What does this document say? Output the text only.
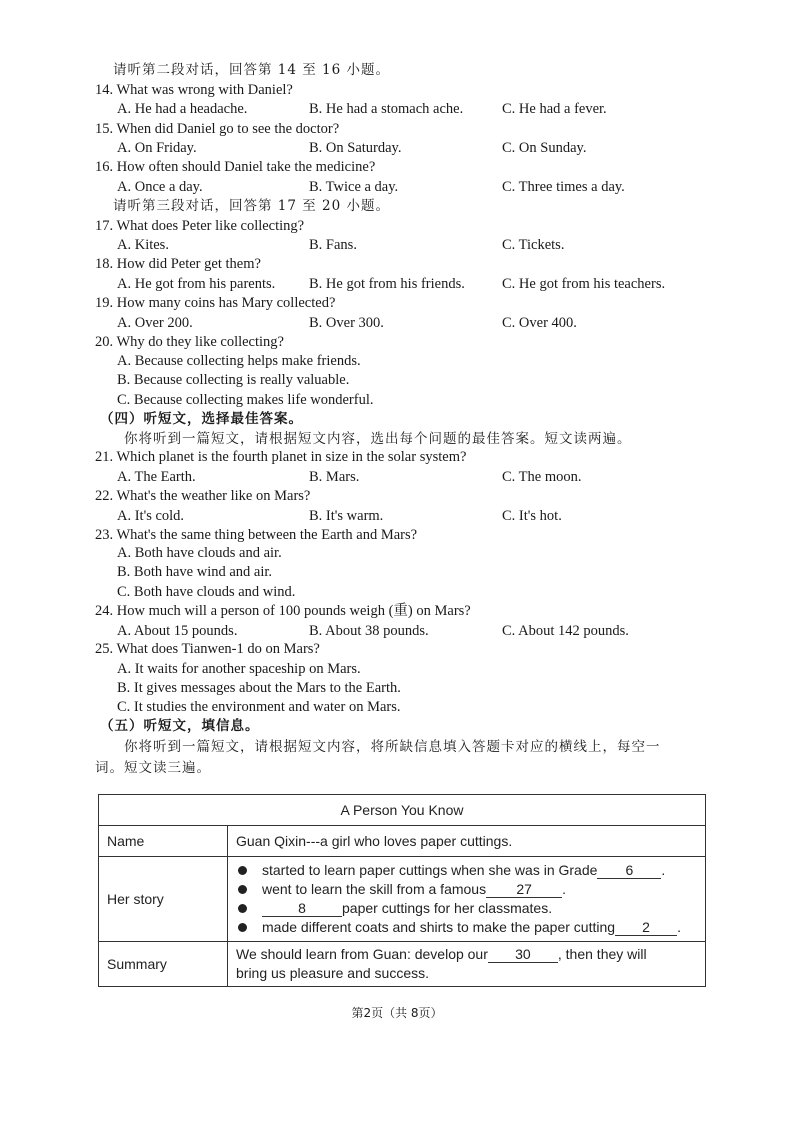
请听第二段对话，回答第 14 至 16 小题。
14. What was wrong with Daniel?
A. He had a headache.	B. He had a stomach ache.	C. He had a fever.
15. When did Daniel go to see the doctor?
A. On Friday.	B. On Saturday.	C. On Sunday.
16. How often should Daniel take the medicine?
A. Once a day.	B. Twice a day.	C. Three times a day.
请听第三段对话，回答第 17 至 20 小题。
17. What does Peter like collecting?
A. Kites.	B. Fans.	C. Tickets.
18. How did Peter get them?
A. He got from his parents. B. He got from his friends.	C. He got from his teachers.
19. How many coins has Mary collected?
A. Over 200.	B. Over 300.	C. Over 400.
20. Why do they like collecting?
A. Because collecting helps make friends.
B. Because collecting is really valuable.
C. Because collecting makes life wonderful.
（四）听短文，选择最佳答案。
你将听到一篇短文，请根据短文内容，选出每个问题的最佳答案。短文读两遍。
21. Which planet is the fourth planet in size in the solar system?
A. The Earth.	B. Mars.	C. The moon.
22. What's the weather like on Mars?
A. It's cold.	B. It's warm.	C. It's hot.
23. What's the same thing between the Earth and Mars?
A. Both have clouds and air.
B. Both have wind and air.
C. Both have clouds and wind.
24. How much will a person of 100 pounds weigh (重) on Mars?
A. About 15 pounds.	B. About 38 pounds.	C. About 142 pounds.
25. What does Tianwen-1 do on Mars?
A. It waits for another spaceship on Mars.
B. It gives messages about the Mars to the Earth.
C. It studies the environment and water on Mars.
（五）听短文，填信息。
你将听到一篇短文，请根据短文内容，将所缺信息填入答题卡对应的横线上，每空一
词。短文读三遍。
A Person You Know	
Name	Guan Qixin---a girl who loves paper cuttings.
Her story	started to learn paper cuttings when she was in Grade 6 .
went to learn the skill from a famous 27 .
8 paper cuttings for her classmates.
made different coats and shirts to make the paper cutting 2 .

Summary	We should learn from Guan: develop our 30 , then they will
bring us pleasure and success.
第2页（共 8页）
